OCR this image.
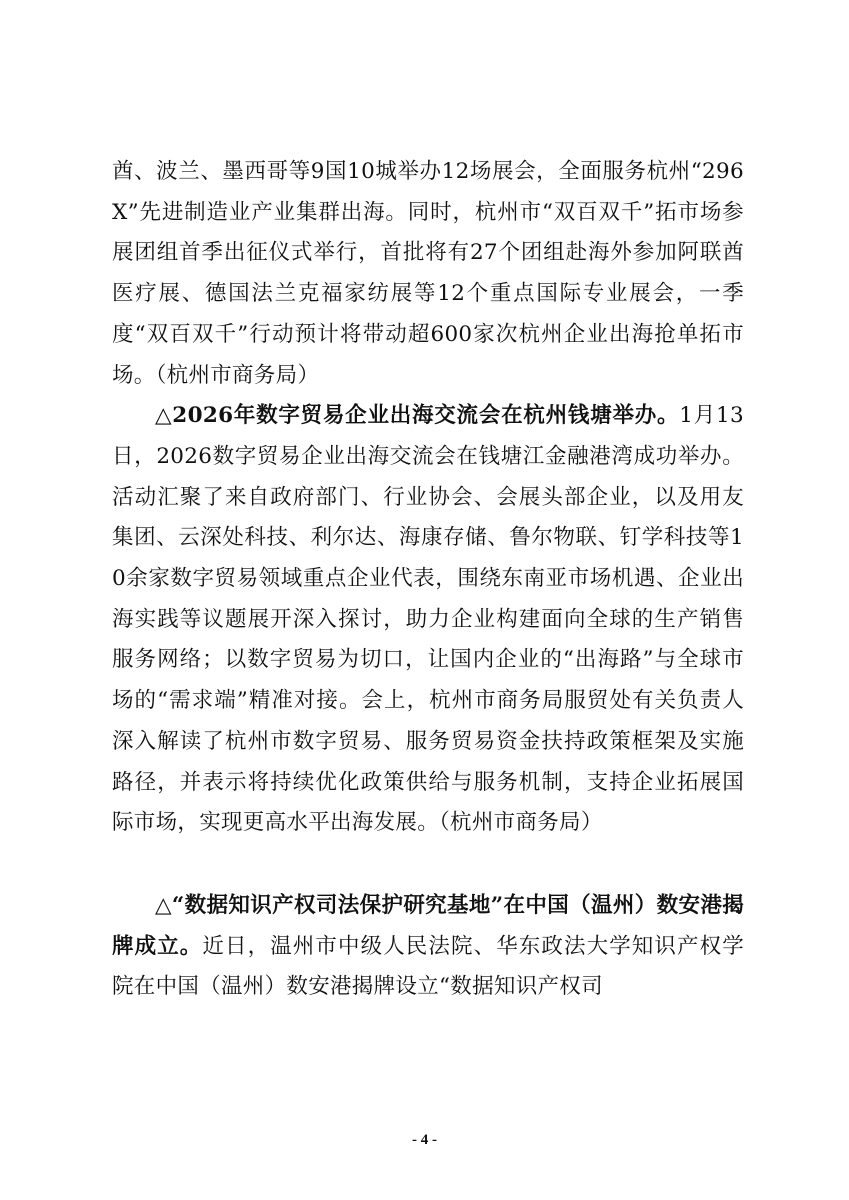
酋、波兰、墨西哥等9国10城举办12场展会，全面服务杭州“296X”先进制造业产业集群出海。同时，杭州市“双百双千”拓市场参展团组首季出征仪式举行，首批将有27个团组赴海外参加阿联酋医疗展、德国法兰克福家纺展等12个重点国际专业展会，一季度“双百双千”行动预计将带动超600家次杭州企业出海抢单拓市场。（杭州市商务局）

△2026年数字贸易企业出海交流会在杭州钱塘举办。1月13日，2026数字贸易企业出海交流会在钱塘江金融港湾成功举办。活动汇聚了来自政府部门、行业协会、会展头部企业，以及用友集团、云深处科技、利尔达、海康存储、鲁尔物联、钉学科技等10余家数字贸易领域重点企业代表，围绕东南亚市场机遇、企业出海实践等议题展开深入探讨，助力企业构建面向全球的生产销售服务网络；以数字贸易为切口，让国内企业的“出海路”与全球市场的“需求端”精准对接。会上，杭州市商务局服贸处有关负责人深入解读了杭州市数字贸易、服务贸易资金扶持政策框架及实施路径，并表示将持续优化政策供给与服务机制，支持企业拓展国际市场，实现更高水平出海发展。（杭州市商务局）

△“数据知识产权司法保护研究基地”在中国（温州）数安港揭牌成立。近日，温州市中级人民法院、华东政法大学知识产权学院在中国（温州）数安港揭牌设立“数据知识产权司

- 4 -
